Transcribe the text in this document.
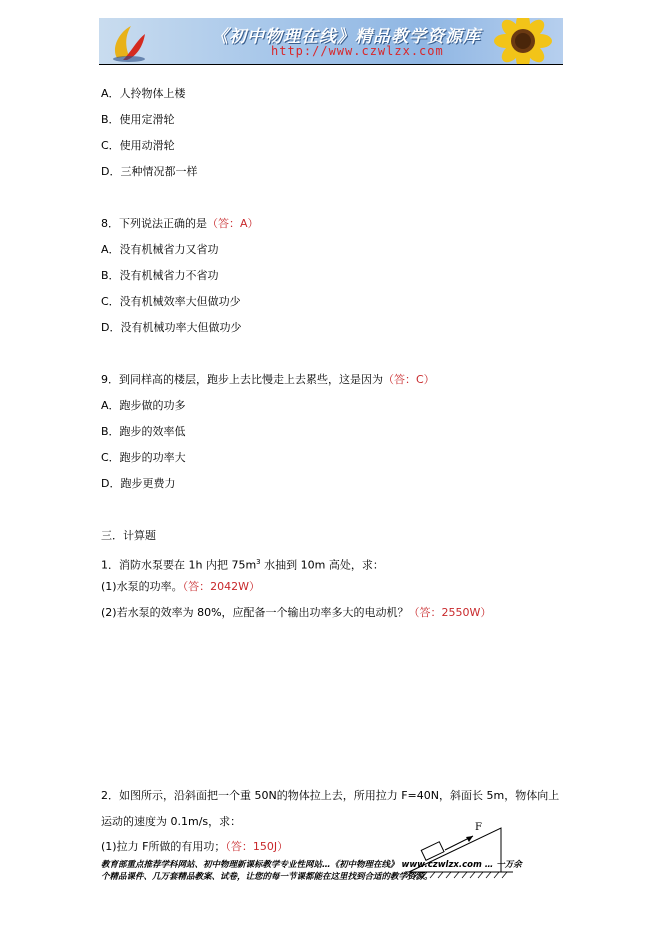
《初中物理在线》精品教学资源库
http://www.czwlzx.com
A．人拎物体上楼
B．使用定滑轮
C．使用动滑轮
D．三种情况都一样
8．下列说法正确的是（答：A）
A．没有机械省力又省功
B．没有机械省力不省功
C．没有机械效率大但做功少
D．没有机械功率大但做功少
9．到同样高的楼层，跑步上去比慢走上去累些，这是因为（答：C）
A．跑步做的功多
B．跑步的效率低
C．跑步的功率大
D．跑步更费力
三．计算题
1．消防水泵要在 1h 内把 $75m^3$ 水抽到 10m 高处，求：
(1)水泵的功率。（答：2042W）
(2)若水泵的效率为 80%，应配备一个输出功率多大的电动机？（答：2550W）
2．如图所示，沿斜面把一个重 50N的物体拉上去，所用拉力 F=40N，斜面长 5m，物体向上
运动的速度为 0.1m/s，求：
(1)拉力 F所做的有用功；（答：150J）
F
教育部重点推荐学科网站、初中物理新课标教学专业性网站…《初中物理在线》 www.czwlzx.com … 一万余
个精品课件、几万套精品教案、试卷，让您的每一节课都能在这里找到合适的教学资源。
